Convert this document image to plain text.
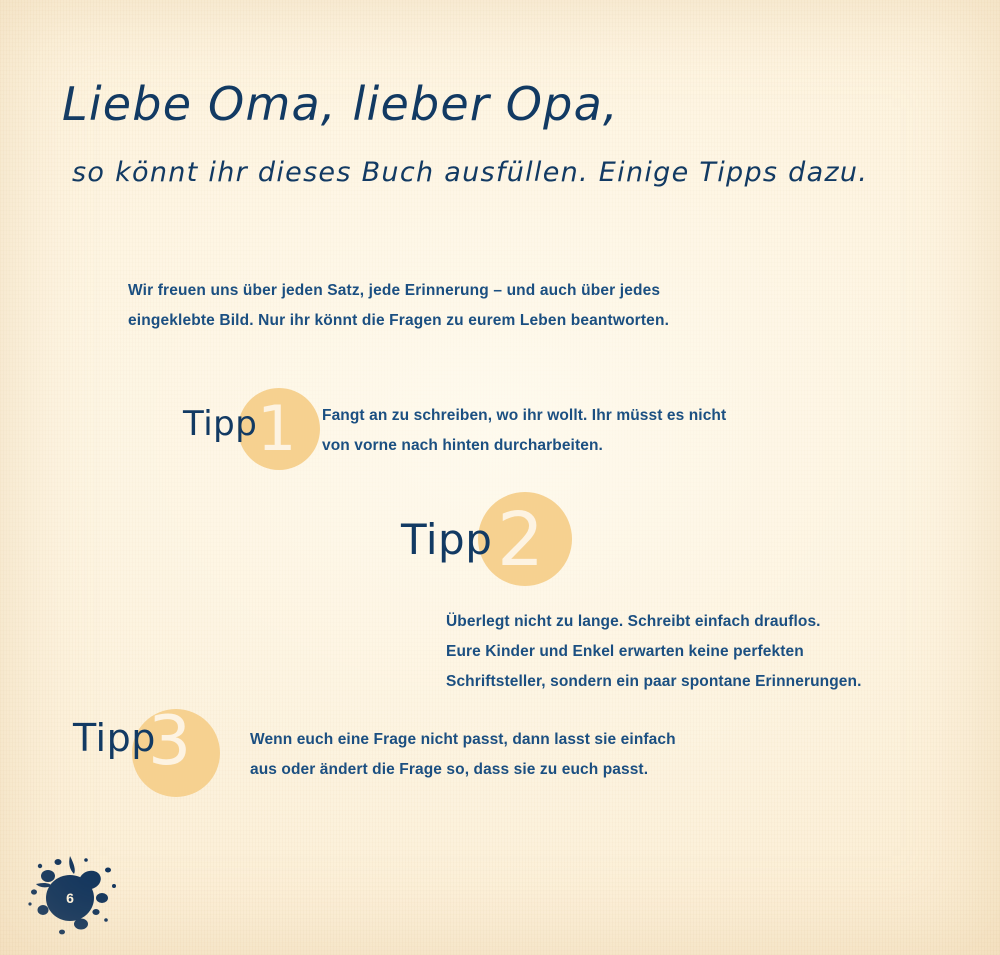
Liebe Oma, lieber Opa,
so könnt ihr dieses Buch ausfüllen. Einige Tipps dazu.
Wir freuen uns über jeden Satz, jede Erinnerung – und auch über jedes
eingeklebte Bild. Nur ihr könnt die Fragen zu eurem Leben beantworten.
Tipp 1 Fangt an zu schreiben, wo ihr wollt. Ihr müsst es nicht
von vorne nach hinten durcharbeiten.
Tipp 2
Überlegt nicht zu lange. Schreibt einfach drauflos.
Eure Kinder und Enkel erwarten keine perfekten
Schriftsteller, sondern ein paar spontane Erinnerungen.
Tipp
3	Wenn euch eine Frage nicht passt, dann lasst sie einfach
aus oder ändert die Frage so, dass sie zu euch passt.
6
